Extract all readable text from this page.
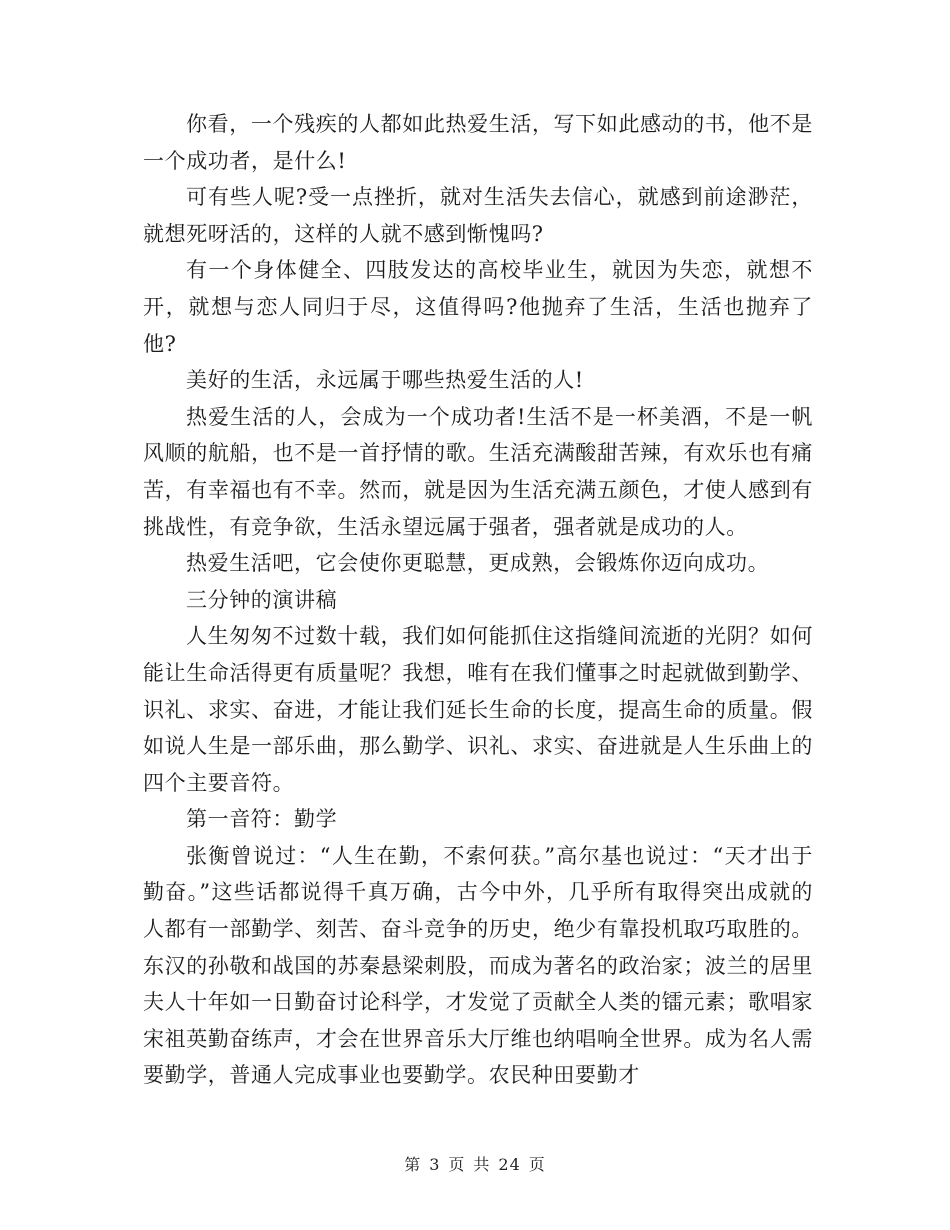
你看，一个残疾的人都如此热爱生活，写下如此感动的书，他不是一个成功者，是什么!

可有些人呢?受一点挫折，就对生活失去信心，就感到前途渺茫，就想死呀活的，这样的人就不感到惭愧吗?

有一个身体健全、四肢发达的高校毕业生，就因为失恋，就想不开，就想与恋人同归于尽，这值得吗?他抛弃了生活，生活也抛弃了他?

美好的生活，永远属于哪些热爱生活的人!

热爱生活的人，会成为一个成功者!生活不是一杯美酒，不是一帆风顺的航船，也不是一首抒情的歌。生活充满酸甜苦辣，有欢乐也有痛苦，有幸福也有不幸。然而，就是因为生活充满五颜色，才使人感到有挑战性，有竞争欲，生活永望远属于强者，强者就是成功的人。

热爱生活吧，它会使你更聪慧，更成熟，会锻炼你迈向成功。

三分钟的演讲稿

人生匆匆不过数十载，我们如何能抓住这指缝间流逝的光阴？如何能让生命活得更有质量呢？我想，唯有在我们懂事之时起就做到勤学、识礼、求实、奋进，才能让我们延长生命的长度，提高生命的质量。假如说人生是一部乐曲，那么勤学、识礼、求实、奋进就是人生乐曲上的四个主要音符。

第一音符：勤学

张衡曾说过：“人生在勤，不索何获。”高尔基也说过：“天才出于勤奋。”这些话都说得千真万确，古今中外，几乎所有取得突出成就的人都有一部勤学、刻苦、奋斗竞争的历史，绝少有靠投机取巧取胜的。东汉的孙敬和战国的苏秦悬梁刺股，而成为著名的政治家；波兰的居里夫人十年如一日勤奋讨论科学，才发觉了贡献全人类的镭元素；歌唱家宋祖英勤奋练声，才会在世界音乐大厅维也纳唱响全世界。成为名人需要勤学，普通人完成事业也要勤学。农民种田要勤才

第 3 页 共 24 页
